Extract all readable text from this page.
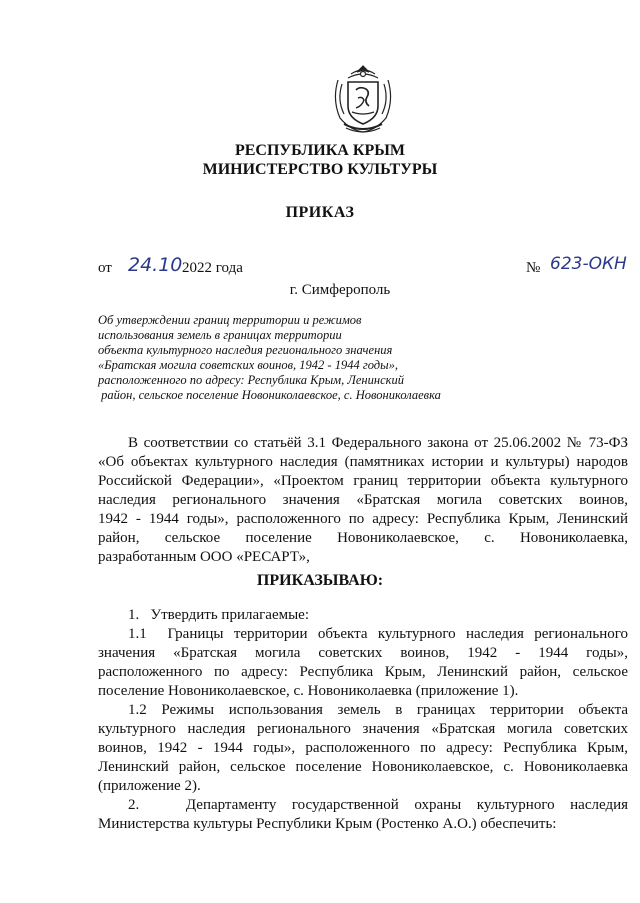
РЕСПУБЛИКА КРЫМ
МИНИСТЕРСТВО КУЛЬТУРЫ
ПРИКАЗ
от 24.10 2022 года	№ 623-ОКН
г. Симферополь
Об утверждении границ территории и режимов
использования земель в границах территории
объекта культурного наследия регионального значения
«Братская могила советских воинов, 1942 - 1944 годы»,
расположенного по адресу: Республика Крым, Ленинский
район, сельское поселение Новониколаевское, с. Новониколаевка
В соответствии со статьёй 3.1 Федерального закона от 25.06.2002 № 73-ФЗ
«Об объектах культурного наследия (памятниках истории и культуры) народов
Российской Федерации», «Проектом границ территории объекта культурного
наследия регионального значения «Братская могила советских воинов,
1942 - 1944 годы», расположенного по адресу: Республика Крым, Ленинский
район, сельское поселение Новониколаевское, с. Новониколаевка,
разработанным ООО «РЕСАРТ»,
ПРИКАЗЫВАЮ:
1.   Утвердить прилагаемые:
1.1  Границы территории объекта культурного наследия регионального
значения «Братская могила советских воинов, 1942 - 1944 годы»,
расположенного по адресу: Республика Крым, Ленинский район, сельское
поселение Новониколаевское, с. Новониколаевка (приложение 1).
1.2 Режимы использования земель в границах территории объекта
культурного наследия регионального значения «Братская могила советских
воинов, 1942 - 1944 годы», расположенного по адресу: Республика Крым,
Ленинский район, сельское поселение Новониколаевское, с. Новониколаевка
(приложение 2).
2.   Департаменту государственной охраны культурного наследия
Министерства культуры Республики Крым (Ростенко А.О.) обеспечить:
